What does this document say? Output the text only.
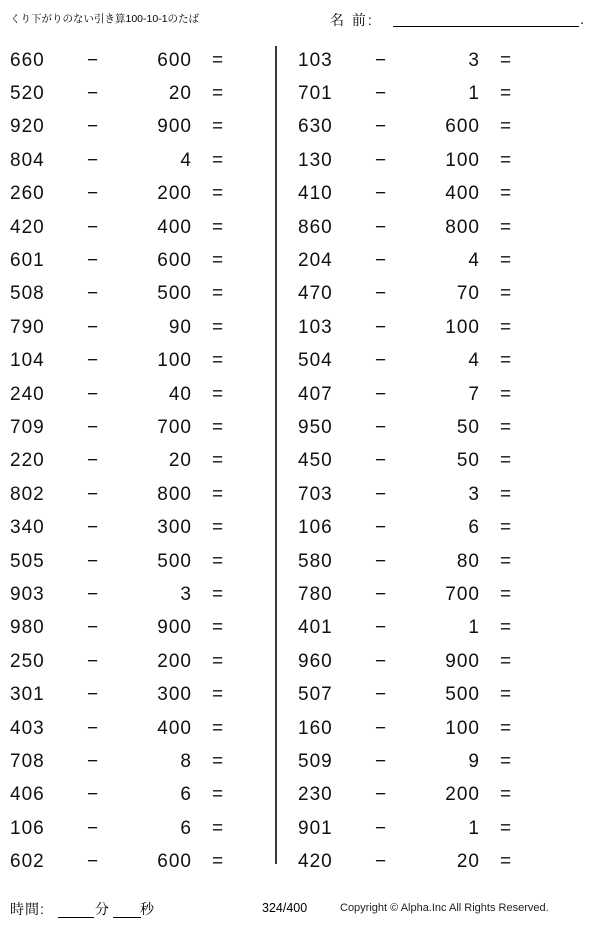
くり下がりのない引き算100-10-1のたば	名 前:	.
660	−	600	=
520	−	20	=
920	−	900	=
804	−	4	=
260	−	200	=
420	−	400	=
601	−	600	=
508	−	500	=
790	−	90	=
104	−	100	=
240	−	40	=
709	−	700	=
220	−	20	=
802	−	800	=
340	−	300	=
505	−	500	=
903	−	3	=
980	−	900	=
250	−	200	=
301	−	300	=
403	−	400	=
708	−	8	=
406	−	6	=
106	−	6	=
602	−	600	=
103	−	3	=
701	−	1	=
630	−	600	=
130	−	100	=
410	−	400	=
860	−	800	=
204	−	4	=
470	−	70	=
103	−	100	=
504	−	4	=
407	−	7	=
950	−	50	=
450	−	50	=
703	−	3	=
106	−	6	=
580	−	80	=
780	−	700	=
401	−	1	=
960	−	900	=
507	−	500	=
160	−	100	=
509	−	9	=
230	−	200	=
901	−	1	=
420	−	20	=
時間:	分 秒	324/400	Copyright © Alpha.Inc All Rights Reserved.
